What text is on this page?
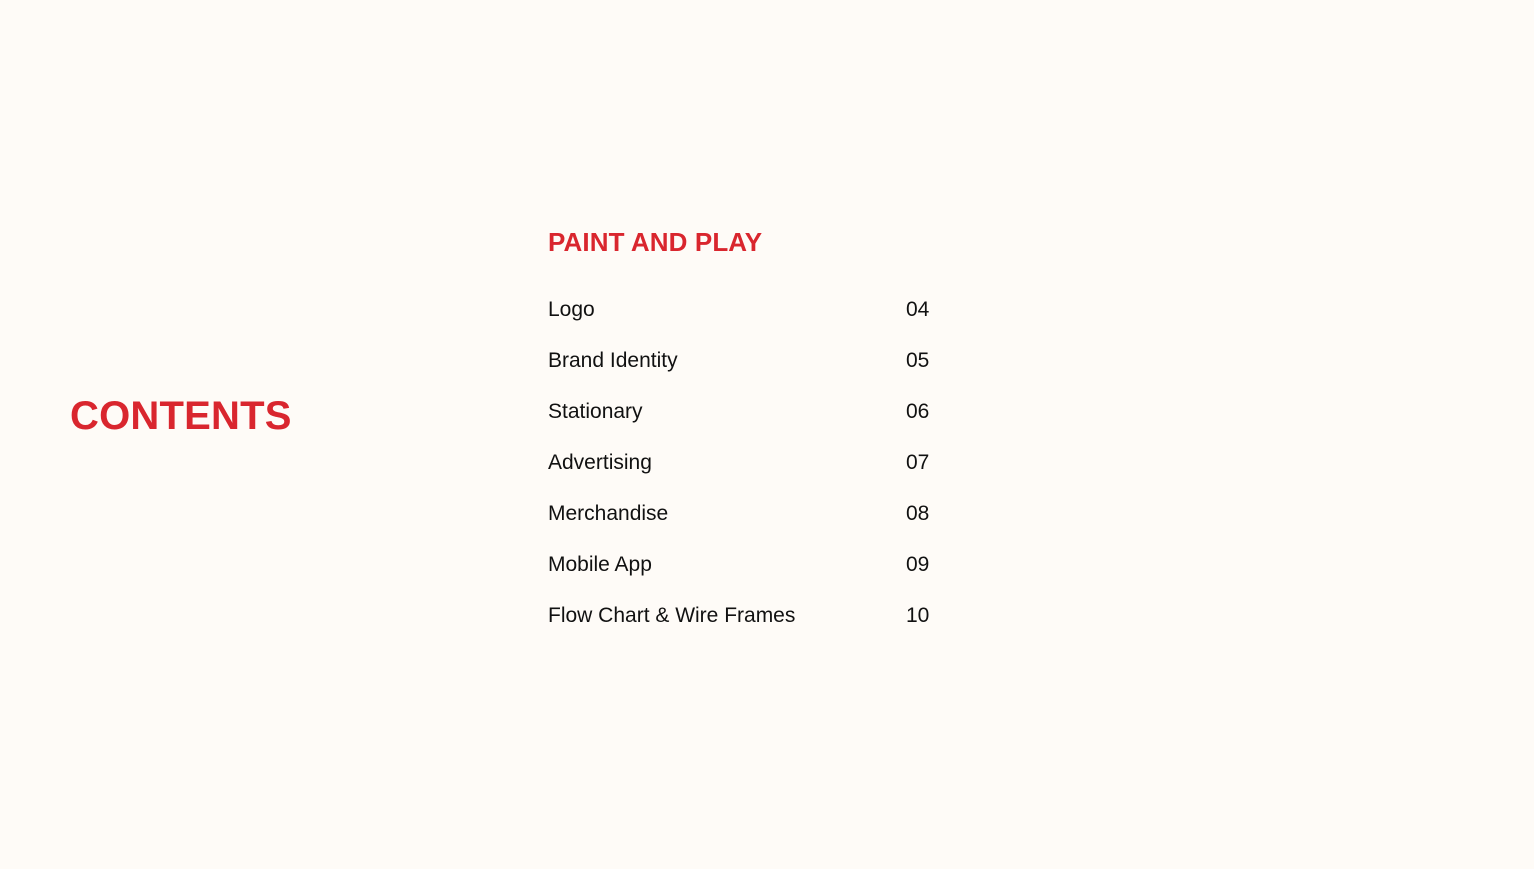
CONTENTS
PAINT AND PLAY
Logo	04
Brand Identity	05
Stationary	06
Advertising	07
Merchandise	08
Mobile App	09
Flow Chart & Wire Frames	10
